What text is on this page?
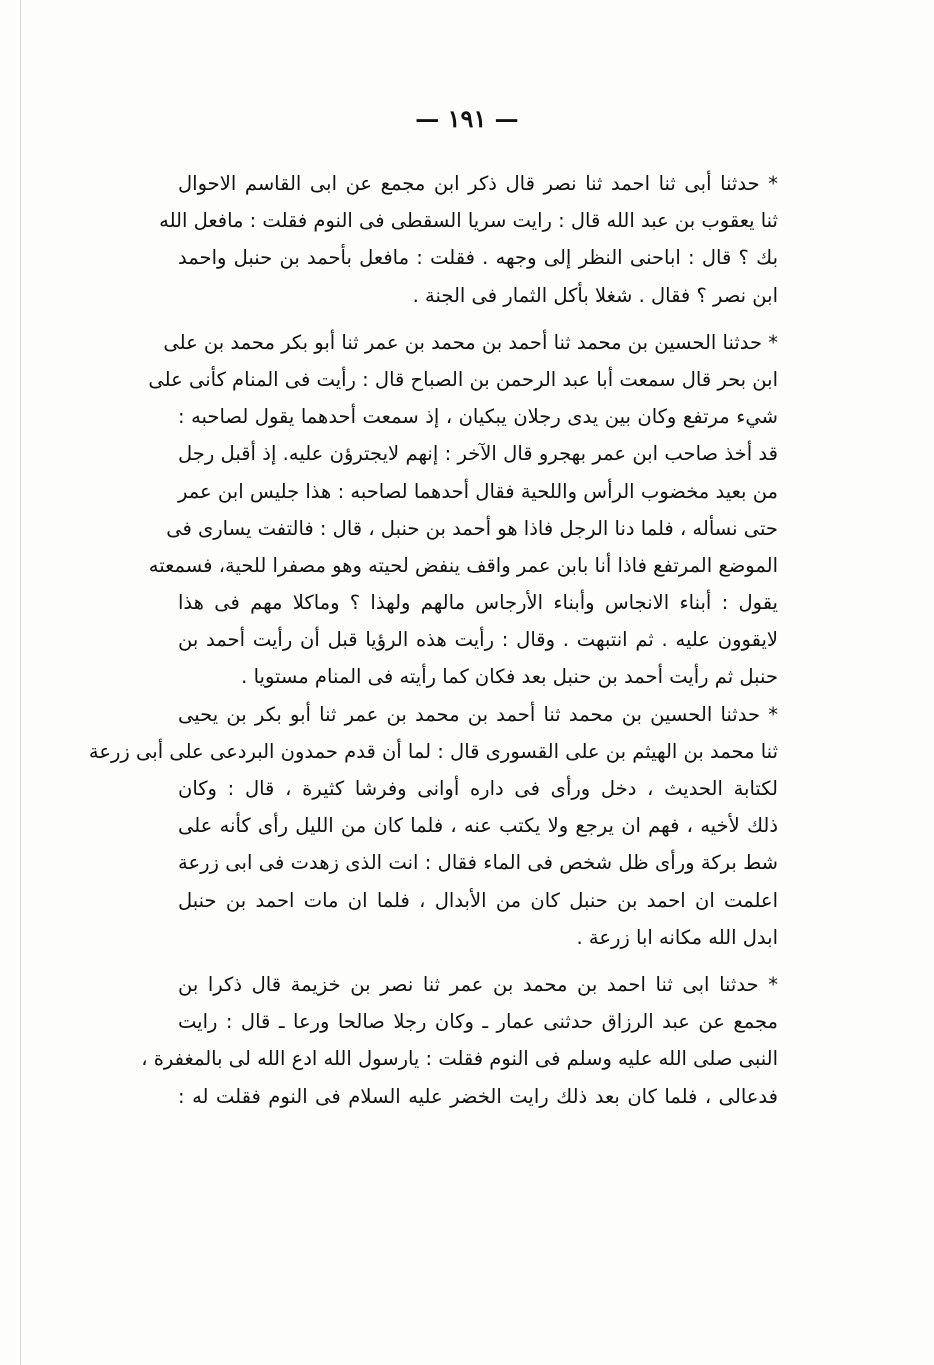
— ١٩١ —
* حدثنا أبى ثنا احمد ثنا نصر قال ذكر ابن مجمع عن ابى القاسم الاحوال
ثنا يعقوب بن عبد الله قال : رايت سريا السقطى فى النوم فقلت : مافعل الله
بك ؟ قال : اباحنى النظر إلى وجهه . فقلت : مافعل بأحمد بن حنبل واحمد
ابن نصر ؟ فقال . شغلا بأكل الثمار فى الجنة .
* حدثنا الحسين بن محمد ثنا أحمد بن محمد بن عمر ثنا أبو بكر محمد بن على
ابن بحر قال سمعت أبا عبد الرحمن بن الصباح قال : رأيت فى المنام كأنى على
شيء مرتفع وكان بين يدى رجلان يبكيان ، إذ سمعت أحدهما يقول لصاحبه :
قد أخذ صاحب ابن عمر بهجرو قال الآخر : إنهم لايجترؤن عليه. إذ أقبل رجل
من بعيد مخضوب الرأس واللحية فقال أحدهما لصاحبه : هذا جليس ابن عمر
حتى نسأله ، فلما دنا الرجل فاذا هو أحمد بن حنبل ، قال : فالتفت يسارى فى
الموضع المرتفع فاذا أنا بابن عمر واقف ينفض لحيته وهو مصفرا للحية، فسمعته
يقول : أبناء الانجاس وأبناء الأرجاس مالهم ولهذا ؟ وماكلا مهم فى هذا
لايقوون عليه . ثم انتبهت . وقال : رأيت هذه الرؤيا قبل أن رأيت أحمد بن
حنبل ثم رأيت أحمد بن حنبل بعد فكان كما رأيته فى المنام مستويا .
* حدثنا الحسين بن محمد ثنا أحمد بن محمد بن عمر ثنا أبو بكر بن يحيى
ثنا محمد بن الهيثم بن على القسورى قال : لما أن قدم حمدون البردعى على أبى زرعة
لكتابة الحديث ، دخل ورأى فى داره أوانى وفرشا كثيرة ، قال : وكان
ذلك لأخيه ، فهم ان يرجع ولا يكتب عنه ، فلما كان من الليل رأى كأنه على
شط بركة ورأى ظل شخص فى الماء فقال : انت الذى زهدت فى ابى زرعة
اعلمت ان احمد بن حنبل كان من الأبدال ، فلما ان مات احمد بن حنبل
ابدل الله مكانه ابا زرعة .
* حدثنا ابى ثنا احمد بن محمد بن عمر ثنا نصر بن خزيمة قال ذكرا بن
مجمع عن عبد الرزاق حدثنى عمار ـ وكان رجلا صالحا ورعا ـ قال : رايت
النبى صلى الله عليه وسلم فى النوم فقلت : يارسول الله ادع الله لى بالمغفرة ،
فدعالى ، فلما كان بعد ذلك رايت الخضر عليه السلام فى النوم فقلت له :
